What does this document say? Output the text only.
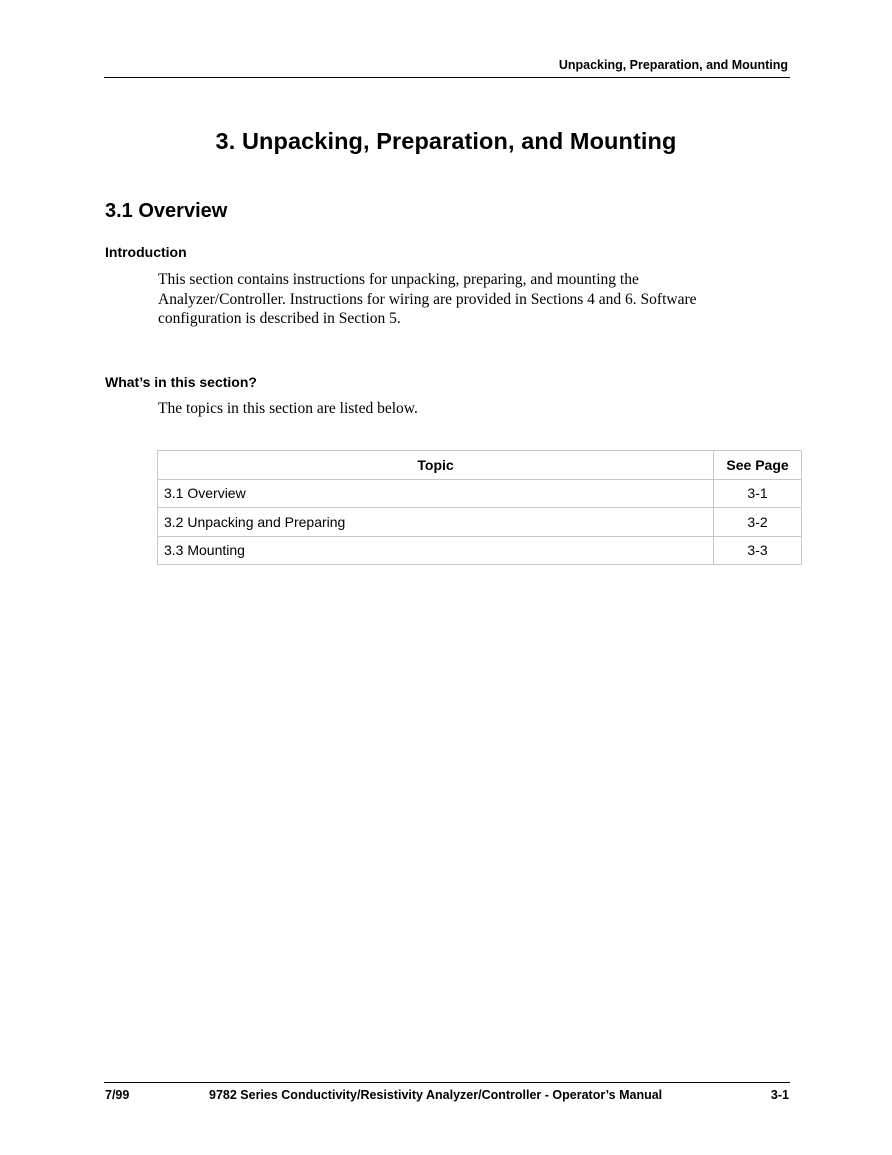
Unpacking, Preparation, and Mounting
3. Unpacking, Preparation, and Mounting
3.1 Overview
Introduction
This section contains instructions for unpacking, preparing, and mounting the Analyzer/Controller. Instructions for wiring are provided in Sections 4 and 6. Software configuration is described in Section 5.
What’s in this section?
The topics in this section are listed below.
Topic	See Page
3.1 Overview	3-1
3.2 Unpacking and Preparing	3-2
3.3 Mounting	3-3
7/99	9782 Series Conductivity/Resistivity Analyzer/Controller - Operator’s Manual	3-1
